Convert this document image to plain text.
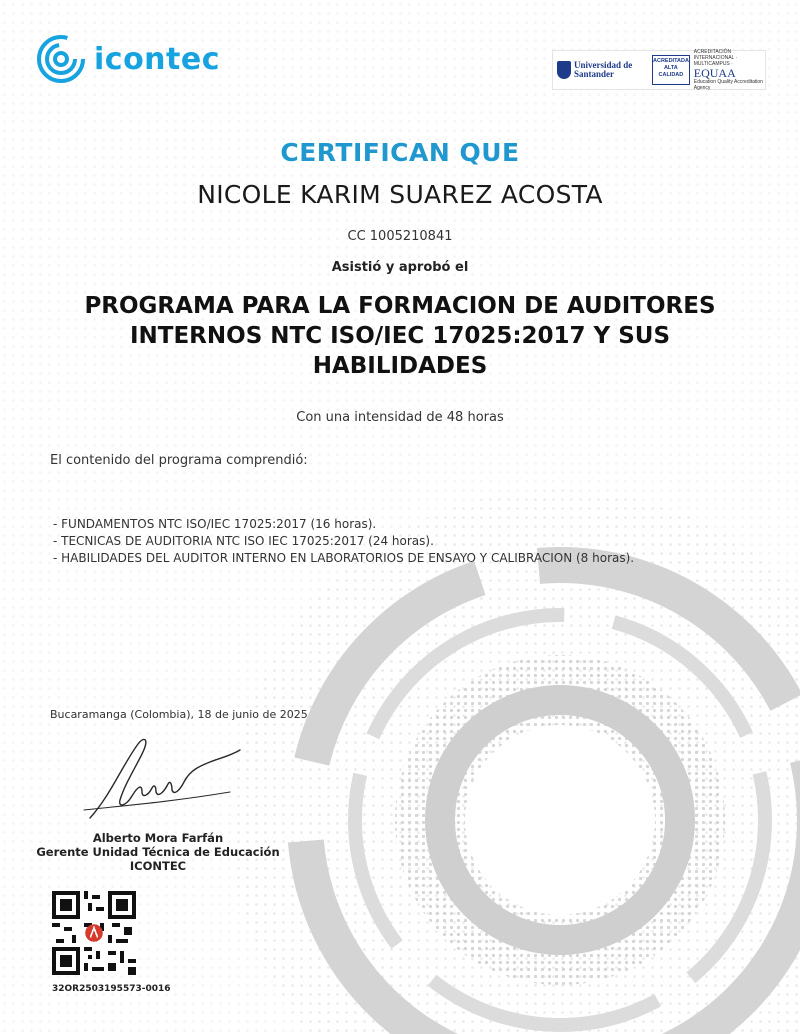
icontec	Universidad de Santander
ACREDITADA ALTA CALIDAD
ACREDITACIÓN INTERNACIONAL · MULTICAMPUS ·
EQUAA
Education Quality Accreditation Agency
CERTIFICAN QUE
NICOLE KARIM SUAREZ ACOSTA
CC 1005210841
Asistió y aprobó el
PROGRAMA PARA LA FORMACION DE AUDITORES INTERNOS NTC ISO/IEC 17025:2017 Y SUS HABILIDADES
Con una intensidad de 48 horas
El contenido del programa comprendió:
- FUNDAMENTOS NTC ISO/IEC 17025:2017 (16 horas).
- TECNICAS DE AUDITORIA NTC ISO IEC 17025:2017 (24 horas).
- HABILIDADES DEL AUDITOR INTERNO EN LABORATORIOS DE ENSAYO Y CALIBRACION (8 horas).
Bucaramanga (Colombia), 18 de junio de 2025
Alberto Mora Farfán
Gerente Unidad Técnica de Educación ICONTEC
32OR2503195573-0016
